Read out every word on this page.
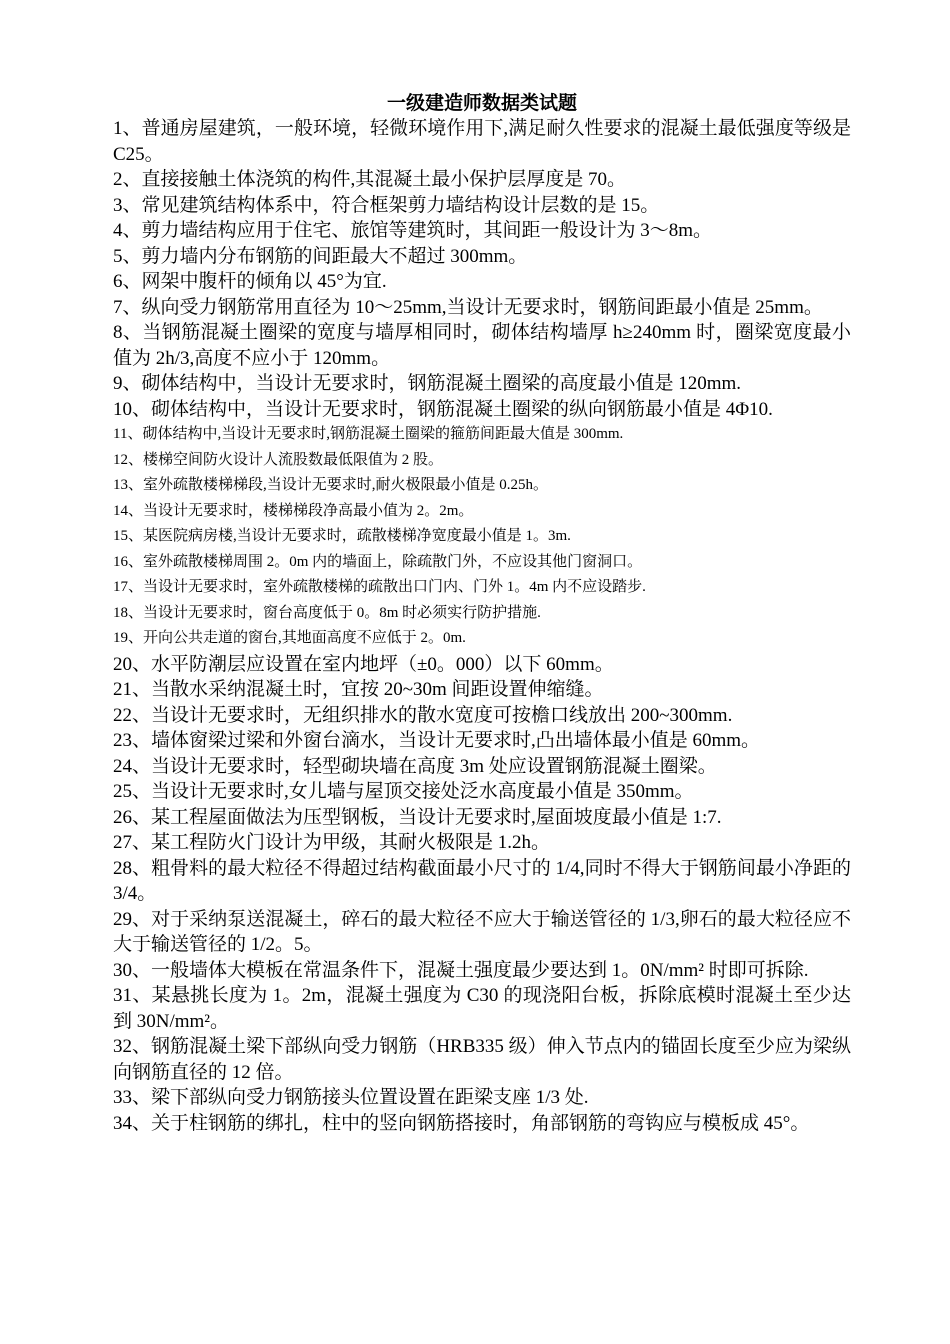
一级建造师数据类试题

1、普通房屋建筑，一般环境，轻微环境作用下,满足耐久性要求的混凝土最低强度等级是 C25。

2、直接接触土体浇筑的构件,其混凝土最小保护层厚度是 70。

3、常见建筑结构体系中，符合框架剪力墙结构设计层数的是 15。

4、剪力墙结构应用于住宅、旅馆等建筑时，其间距一般设计为 3～8m。

5、剪力墙内分布钢筋的间距最大不超过 300mm。

6、网架中腹杆的倾角以 45°为宜.

7、纵向受力钢筋常用直径为 10～25mm,当设计无要求时，钢筋间距最小值是 25mm。

8、当钢筋混凝土圈梁的宽度与墙厚相同时，砌体结构墙厚 h≥240mm 时，圈梁宽度最小值为 2h/3,高度不应小于 120mm。

9、砌体结构中，当设计无要求时，钢筋混凝土圈梁的高度最小值是 120mm.

10、砌体结构中，当设计无要求时，钢筋混凝土圈梁的纵向钢筋最小值是 4Φ10.

11、砌体结构中,当设计无要求时,钢筋混凝土圈梁的箍筋间距最大值是 300mm.

12、楼梯空间防火设计人流股数最低限值为 2 股。

13、室外疏散楼梯梯段,当设计无要求时,耐火极限最小值是 0.25h。

14、当设计无要求时，楼梯梯段净高最小值为 2。2m。

15、某医院病房楼,当设计无要求时，疏散楼梯净宽度最小值是 1。3m.

16、室外疏散楼梯周围 2。0m 内的墙面上，除疏散门外，不应设其他门窗洞口。

17、当设计无要求时，室外疏散楼梯的疏散出口门内、门外 1。4m 内不应设踏步.

18、当设计无要求时，窗台高度低于 0。8m 时必须实行防护措施.

19、开向公共走道的窗台,其地面高度不应低于 2。0m.

20、水平防潮层应设置在室内地坪（±0。000）以下 60mm。

21、当散水采纳混凝土时，宜按 20~30m 间距设置伸缩缝。

22、当设计无要求时，无组织排水的散水宽度可按檐口线放出 200~300mm.

23、墙体窗梁过梁和外窗台滴水，当设计无要求时,凸出墙体最小值是 60mm。

24、当设计无要求时，轻型砌块墙在高度 3m 处应设置钢筋混凝土圈梁。

25、当设计无要求时,女儿墙与屋顶交接处泛水高度最小值是 350mm。

26、某工程屋面做法为压型钢板，当设计无要求时,屋面坡度最小值是 1:7.

27、某工程防火门设计为甲级，其耐火极限是 1.2h。

28、粗骨料的最大粒径不得超过结构截面最小尺寸的 1/4,同时不得大于钢筋间最小净距的 3/4。

29、对于采纳泵送混凝土，碎石的最大粒径不应大于输送管径的 1/3,卵石的最大粒径应不大于输送管径的 1/2。5。

30、一般墙体大模板在常温条件下，混凝土强度最少要达到 1。0N/mm² 时即可拆除.

31、某悬挑长度为 1。2m，混凝土强度为 C30 的现浇阳台板，拆除底模时混凝土至少达到 30N/mm²。

32、钢筋混凝土梁下部纵向受力钢筋（HRB335 级）伸入节点内的锚固长度至少应为梁纵向钢筋直径的 12 倍。

33、梁下部纵向受力钢筋接头位置设置在距梁支座 1/3 处.

34、关于柱钢筋的绑扎，柱中的竖向钢筋搭接时，角部钢筋的弯钩应与模板成 45°。
